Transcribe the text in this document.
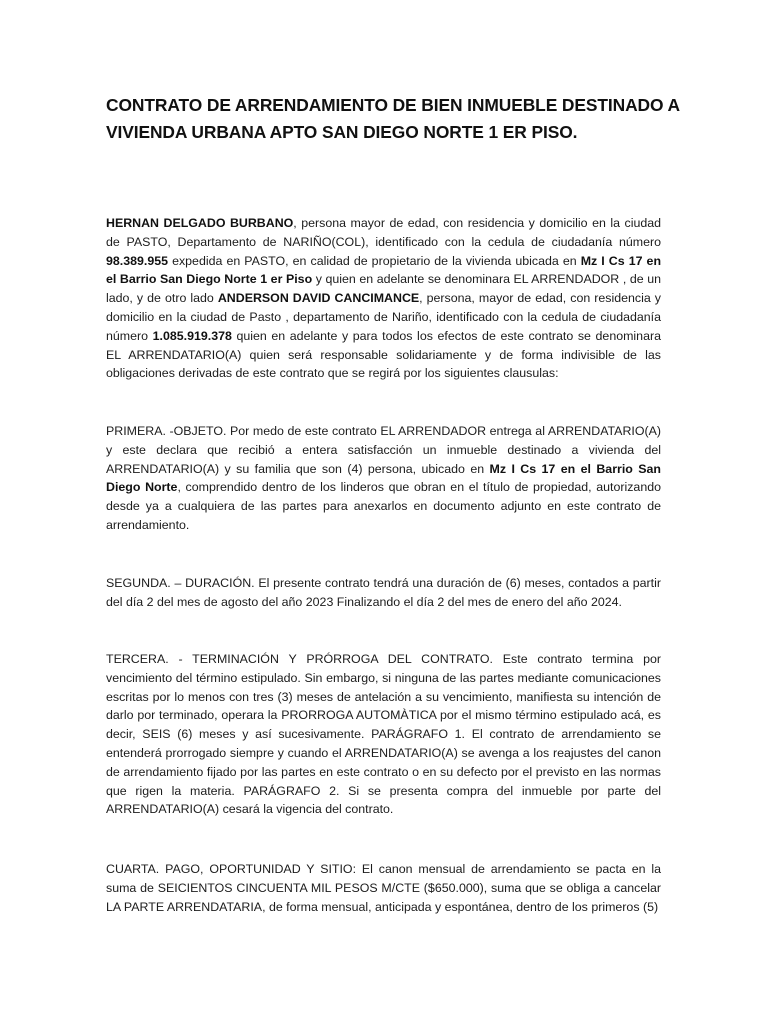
CONTRATO DE ARRENDAMIENTO DE BIEN INMUEBLE DESTINADO A VIVIENDA URBANA APTO SAN DIEGO NORTE 1 ER PISO.

HERNAN DELGADO BURBANO, persona mayor de edad, con residencia y domicilio en la ciudad de PASTO, Departamento de NARIÑO(COL), identificado con la cedula de ciudadanía número 98.389.955 expedida en PASTO, en calidad de propietario de la vivienda ubicada en Mz I Cs 17 en el Barrio San Diego Norte 1 er Piso y quien en adelante se denominara EL ARRENDADOR , de un lado, y de otro lado ANDERSON DAVID CANCIMANCE, persona, mayor de edad, con residencia y domicilio en la ciudad de Pasto , departamento de Nariño, identificado con la cedula de ciudadanía número 1.085.919.378 quien en adelante y para todos los efectos de este contrato se denominara EL ARRENDATARIO(A) quien será responsable solidariamente y de forma indivisible de las obligaciones derivadas de este contrato que se regirá por los siguientes clausulas:

PRIMERA. -OBJETO. Por medo de este contrato EL ARRENDADOR entrega al ARRENDATARIO(A) y este declara que recibió a entera satisfacción un inmueble destinado a vivienda del ARRENDATARIO(A) y su familia que son (4) persona, ubicado en Mz I Cs 17 en el Barrio San Diego Norte, comprendido dentro de los linderos que obran en el título de propiedad, autorizando desde ya a cualquiera de las partes para anexarlos en documento adjunto en este contrato de arrendamiento.

SEGUNDA. – DURACIÓN. El presente contrato tendrá una duración de (6) meses, contados a partir del día 2 del mes de agosto del año 2023 Finalizando el día 2 del mes de enero del año 2024.

TERCERA. - TERMINACIÓN Y PRÓRROGA DEL CONTRATO. Este contrato termina por vencimiento del término estipulado. Sin embargo, si ninguna de las partes mediante comunicaciones escritas por lo menos con tres (3) meses de antelación a su vencimiento, manifiesta su intención de darlo por terminado, operara la PRORROGA AUTOMÀTICA por el mismo término estipulado acá, es decir, SEIS (6) meses y así sucesivamente. PARÁGRAFO 1. El contrato de arrendamiento se entenderá prorrogado siempre y cuando el ARRENDATARIO(A) se avenga a los reajustes del canon de arrendamiento fijado por las partes en este contrato o en su defecto por el previsto en las normas que rigen la materia. PARÁGRAFO 2. Si se presenta compra del inmueble por parte del ARRENDATARIO(A) cesará la vigencia del contrato.

CUARTA. PAGO, OPORTUNIDAD Y SITIO: El canon mensual de arrendamiento se pacta en la suma de SEICIENTOS CINCUENTA MIL PESOS M/CTE ($650.000), suma que se obliga a cancelar LA PARTE ARRENDATARIA, de forma mensual, anticipada y espontánea, dentro de los primeros (5)
